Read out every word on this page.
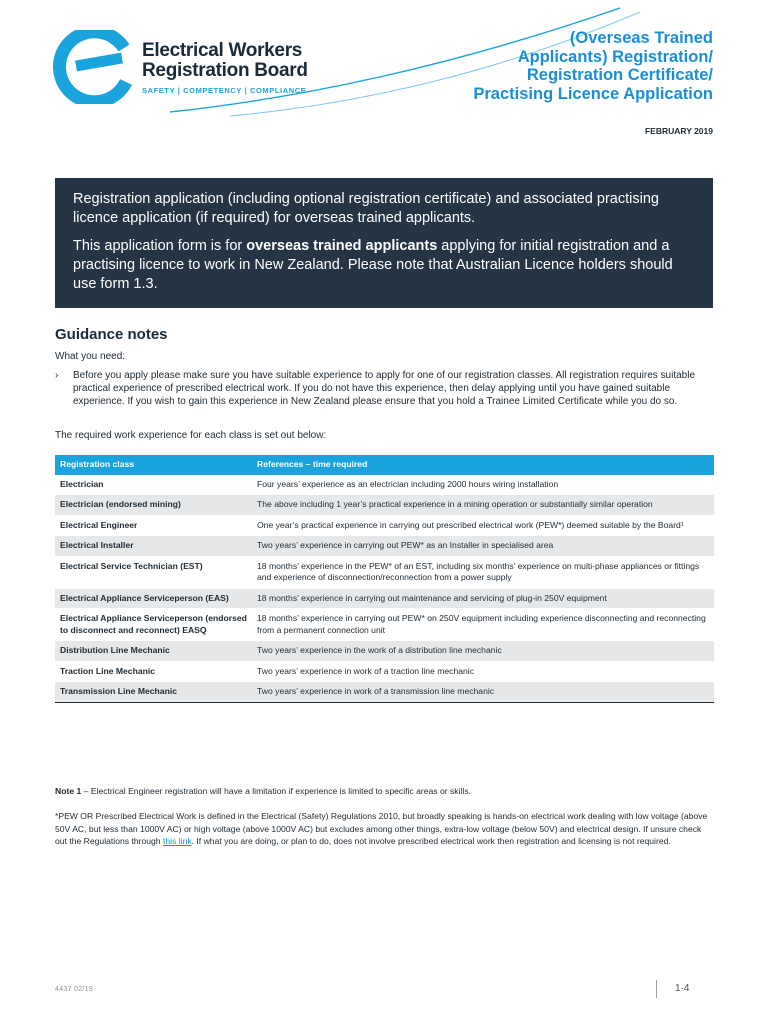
Electrical Workers
Registration Board
SAFETY | COMPETENCY | COMPLIANCE
(Overseas Trained
Applicants) Registration/
Registration Certificate/
Practising Licence Application
FEBRUARY 2019

Registration application (including optional registration certificate) and associated practising licence application (if required) for overseas trained applicants.

This application form is for overseas trained applicants applying for initial registration and a practising licence to work in New Zealand. Please note that Australian Licence holders should use form 1.3.

Guidance notes
What you need:
› Before you apply please make sure you have suitable experience to apply for one of our registration classes. All registration requires suitable practical experience of prescribed electrical work. If you do not have this experience, then delay applying until you have gained suitable experience. If you wish to gain this experience in New Zealand please ensure that you hold a Trainee Limited Certificate while you do so.
The required work experience for each class is set out below:
Registration class	References – time required
Electrician	Four years’ experience as an electrician including 2000 hours wiring installation
Electrician (endorsed mining)	The above including 1 year’s practical experience in a mining operation or substantially similar operation
Electrical Engineer	One year’s practical experience in carrying out prescribed electrical work (PEW*) deemed suitable by the Board¹
Electrical Installer	Two years’ experience in carrying out PEW* as an Installer in specialised area
Electrical Service Technician (EST)	18 months’ experience in the PEW* of an EST, including six months’ experience on multi-phase appliances or fittings and experience of disconnection/reconnection from a power supply
Electrical Appliance Serviceperson (EAS)	18 months’ experience in carrying out maintenance and servicing of plug-in 250V equipment
Electrical Appliance Serviceperson (endorsed to disconnect and reconnect) EASQ	18 months’ experience in carrying out PEW* on 250V equipment including experience disconnecting and reconnecting from a permanent connection unit
Distribution Line Mechanic	Two years’ experience in the work of a distribution line mechanic
Traction Line Mechanic	Two years’ experience in work of a traction line mechanic
Transmission Line Mechanic	Two years’ experience in work of a transmission line mechanic
Note 1 – Electrical Engineer registration will have a limitation if experience is limited to specific areas or skills.
*PEW OR Prescribed Electrical Work is defined in the Electrical (Safety) Regulations 2010, but broadly speaking is hands-on electrical work dealing with low voltage (above 50V AC, but less than 1000V AC) or high voltage (above 1000V AC) but excludes among other things, extra-low voltage (below 50V) and electrical design. If unsure check out the Regulations through this link. If what you are doing, or plan to do, does not involve prescribed electrical work then registration and licensing is not required.
4437 02/19	1·4
